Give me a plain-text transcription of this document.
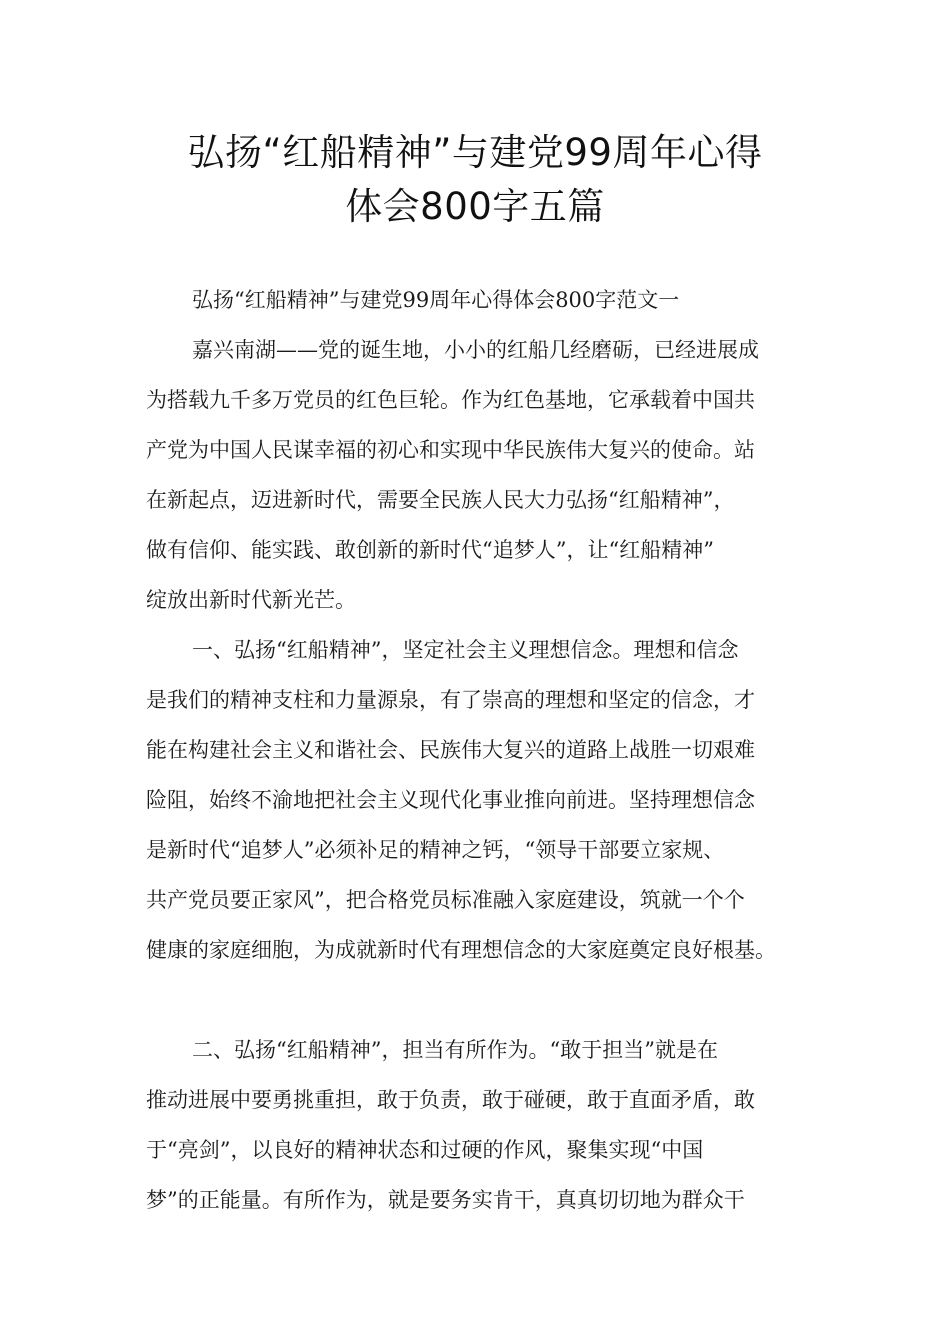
弘扬“红船精神”与建党99周年心得
体会800字五篇
弘扬“红船精神”与建党99周年心得体会800字范文一
嘉兴南湖——党的诞生地，小小的红船几经磨砺，已经进展成
为搭载九千多万党员的红色巨轮。作为红色基地，它承载着中国共
产党为中国人民谋幸福的初心和实现中华民族伟大复兴的使命。站
在新起点，迈进新时代，需要全民族人民大力弘扬“红船精神”，
做有信仰、能实践、敢创新的新时代“追梦人”，让“红船精神”
绽放出新时代新光芒。
一、弘扬“红船精神”，坚定社会主义理想信念。理想和信念
是我们的精神支柱和力量源泉，有了崇高的理想和坚定的信念，才
能在构建社会主义和谐社会、民族伟大复兴的道路上战胜一切艰难
险阻，始终不渝地把社会主义现代化事业推向前进。坚持理想信念
是新时代“追梦人”必须补足的精神之钙，“领导干部要立家规、
共产党员要正家风”，把合格党员标准融入家庭建设，筑就一个个
健康的家庭细胞，为成就新时代有理想信念的大家庭奠定良好根基。
二、弘扬“红船精神”，担当有所作为。“敢于担当”就是在
推动进展中要勇挑重担，敢于负责，敢于碰硬，敢于直面矛盾，敢
于“亮剑”，以良好的精神状态和过硬的作风，聚集实现“中国
梦”的正能量。有所作为，就是要务实肯干，真真切切地为群众干
